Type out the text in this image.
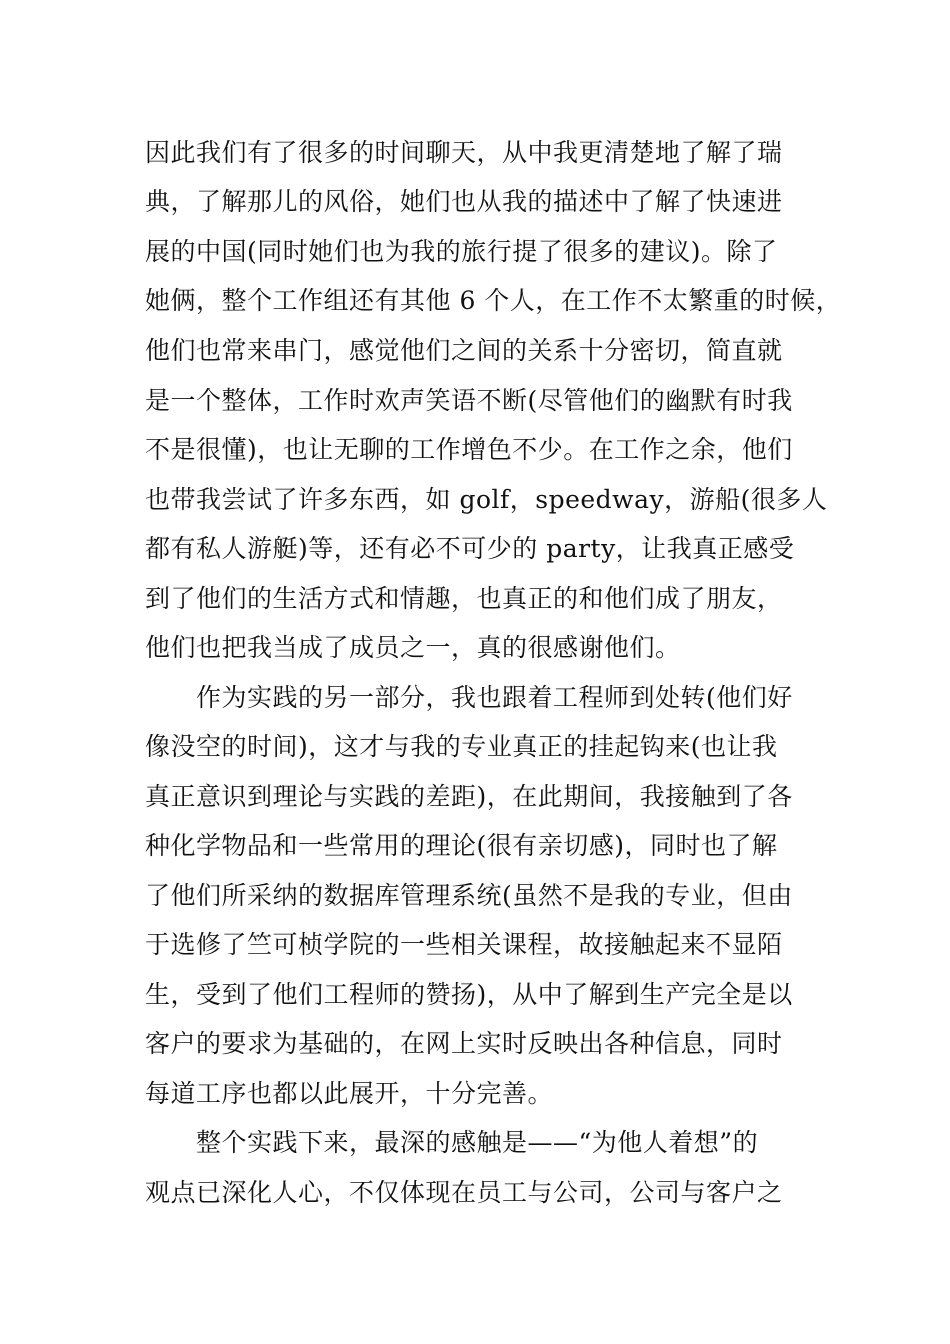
因此我们有了很多的时间聊天，从中我更清楚地了解了瑞
典，了解那儿的风俗，她们也从我的描述中了解了快速进
展的中国(同时她们也为我的旅行提了很多的建议)。除了
她俩，整个工作组还有其他 6 个人，在工作不太繁重的时候，
他们也常来串门，感觉他们之间的关系十分密切，简直就
是一个整体，工作时欢声笑语不断(尽管他们的幽默有时我
不是很懂)，也让无聊的工作增色不少。在工作之余，他们
也带我尝试了许多东西，如 golf，speedway，游船(很多人
都有私人游艇)等，还有必不可少的 party，让我真正感受
到了他们的生活方式和情趣，也真正的和他们成了朋友，
他们也把我当成了成员之一，真的很感谢他们。
作为实践的另一部分，我也跟着工程师到处转(他们好
像没空的时间)，这才与我的专业真正的挂起钩来(也让我
真正意识到理论与实践的差距)，在此期间，我接触到了各
种化学物品和一些常用的理论(很有亲切感)，同时也了解
了他们所采纳的数据库管理系统(虽然不是我的专业，但由
于选修了竺可桢学院的一些相关课程，故接触起来不显陌
生，受到了他们工程师的赞扬)，从中了解到生产完全是以
客户的要求为基础的，在网上实时反映出各种信息，同时
每道工序也都以此展开，十分完善。
整个实践下来，最深的感触是——“为他人着想”的
观点已深化人心，不仅体现在员工与公司，公司与客户之
